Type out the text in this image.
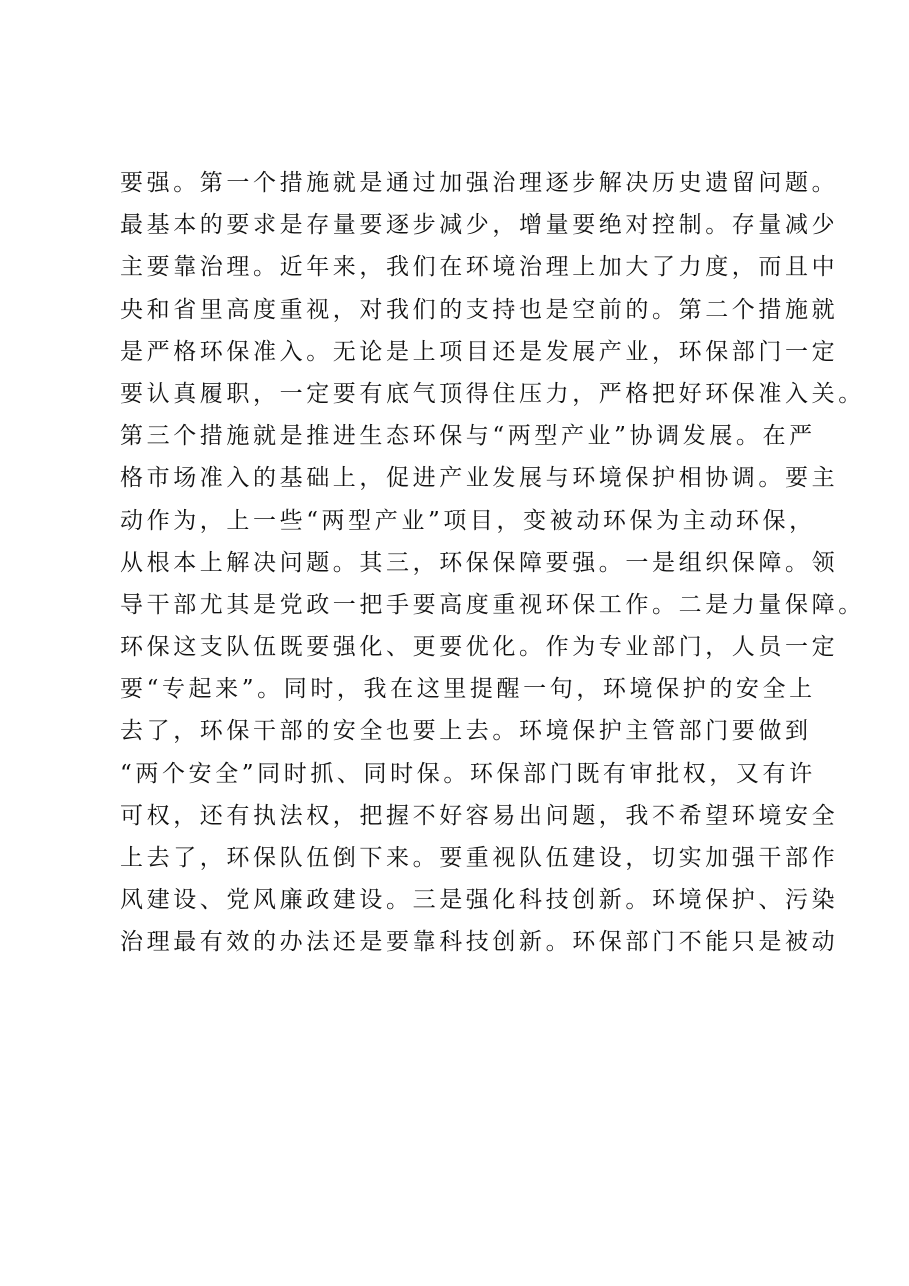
要强。第一个措施就是通过加强治理逐步解决历史遗留问题。
最基本的要求是存量要逐步减少，增量要绝对控制。存量减少
主要靠治理。近年来，我们在环境治理上加大了力度，而且中
央和省里高度重视，对我们的支持也是空前的。第二个措施就
是严格环保准入。无论是上项目还是发展产业，环保部门一定
要认真履职，一定要有底气顶得住压力，严格把好环保准入关。
第三个措施就是推进生态环保与“两型产业”协调发展。在严
格市场准入的基础上，促进产业发展与环境保护相协调。要主
动作为，上一些“两型产业”项目，变被动环保为主动环保，
从根本上解决问题。其三，环保保障要强。一是组织保障。领
导干部尤其是党政一把手要高度重视环保工作。二是力量保障。
环保这支队伍既要强化、更要优化。作为专业部门，人员一定
要“专起来”。同时，我在这里提醒一句，环境保护的安全上
去了，环保干部的安全也要上去。环境保护主管部门要做到
“两个安全”同时抓、同时保。环保部门既有审批权，又有许
可权，还有执法权，把握不好容易出问题，我不希望环境安全
上去了，环保队伍倒下来。要重视队伍建设，切实加强干部作
风建设、党风廉政建设。三是强化科技创新。环境保护、污染
治理最有效的办法还是要靠科技创新。环保部门不能只是被动
